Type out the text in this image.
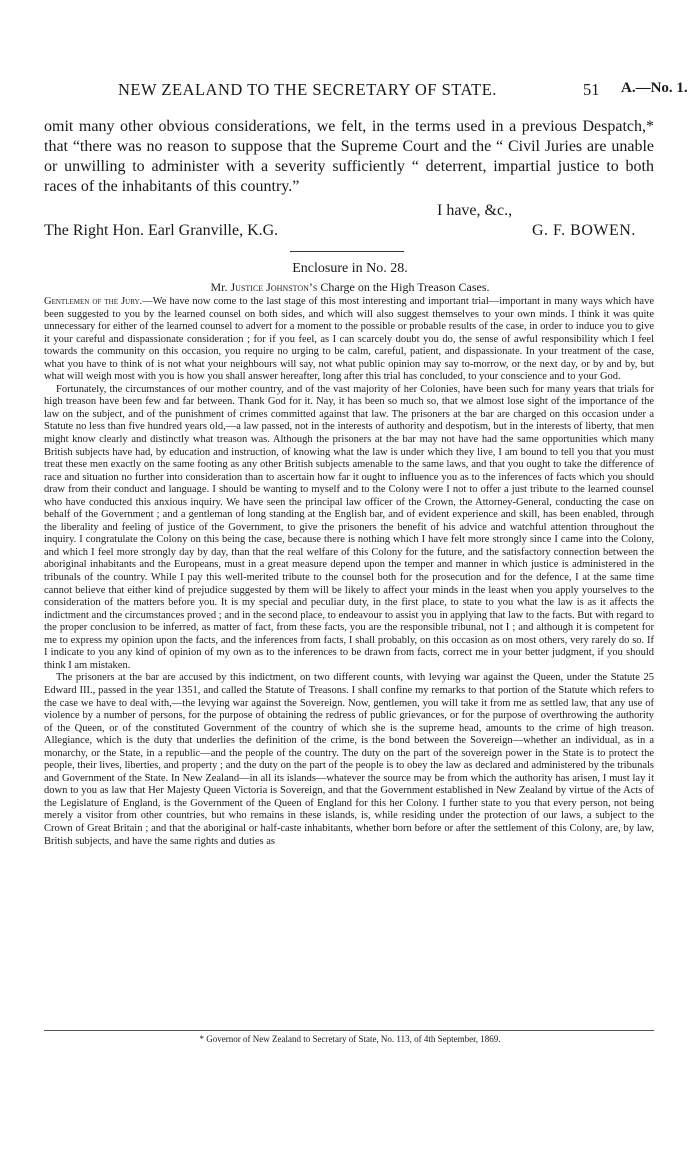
NEW ZEALAND TO THE SECRETARY OF STATE.	51 A.—No. 1.

omit many other obvious considerations, we felt, in the terms used in a previous Despatch,* that “there was no reason to suppose that the Supreme Court and the “ Civil Juries are unable or unwilling to administer with a severity sufficiently “ deterrent, impartial justice to both races of the inhabitants of this country.”

I have, &c.,
The Right Hon. Earl Granville, K.G.	G. F. BOWEN.
Enclosure in No. 28.
Mr. Justice Johnston’s Charge on the High Treason Cases.

Gentlemen of the Jury.—We have now come to the last stage of this most interesting and important trial—important in many ways which have been suggested to you by the learned counsel on both sides, and which will also suggest themselves to your own minds. I think it was quite unnecessary for either of the learned counsel to advert for a moment to the possible or probable results of the case, in order to induce you to give it your careful and dispassionate consideration ; for if you feel, as I can scarcely doubt you do, the sense of awful responsibility which I feel towards the community on this occasion, you require no urging to be calm, careful, patient, and dispassionate. In your treatment of the case, what you have to think of is not what your neighbours will say, not what public opinion may say to-morrow, or the next day, or by and by, but what will weigh most with you is how you shall answer hereafter, long after this trial has concluded, to your conscience and to your God.

Fortunately, the circumstances of our mother country, and of the vast majority of her Colonies, have been such for many years that trials for high treason have been few and far between. Thank God for it. Nay, it has been so much so, that we almost lose sight of the importance of the law on the subject, and of the punishment of crimes committed against that law. The prisoners at the bar are charged on this occasion under a Statute no less than five hundred years old,—a law passed, not in the interests of authority and despotism, but in the interests of liberty, that men might know clearly and distinctly what treason was. Although the prisoners at the bar may not have had the same opportunities which many British subjects have had, by education and instruction, of knowing what the law is under which they live, I am bound to tell you that you must treat these men exactly on the same footing as any other British subjects amenable to the same laws, and that you ought to take the difference of race and situation no further into consideration than to ascertain how far it ought to influence you as to the inferences of facts which you should draw from their conduct and language. I should be wanting to myself and to the Colony were I not to offer a just tribute to the learned counsel who have conducted this anxious inquiry. We have seen the principal law officer of the Crown, the Attorney-General, conducting the case on behalf of the Government ; and a gentleman of long standing at the English bar, and of evident experience and skill, has been enabled, through the liberality and feeling of justice of the Government, to give the prisoners the benefit of his advice and watchful attention throughout the inquiry. I congratulate the Colony on this being the case, because there is nothing which I have felt more strongly since I came into the Colony, and which I feel more strongly day by day, than that the real welfare of this Colony for the future, and the satisfactory connection between the aboriginal inhabitants and the Europeans, must in a great measure depend upon the temper and manner in which justice is administered in the tribunals of the country. While I pay this well-merited tribute to the counsel both for the prosecution and for the defence, I at the same time cannot believe that either kind of prejudice suggested by them will be likely to affect your minds in the least when you apply yourselves to the consideration of the matters before you. It is my special and peculiar duty, in the first place, to state to you what the law is as it affects the indictment and the circumstances proved ; and in the second place, to endeavour to assist you in applying that law to the facts. But with regard to the proper conclusion to be inferred, as matter of fact, from these facts, you are the responsible tribunal, not I ; and although it is competent for me to express my opinion upon the facts, and the inferences from facts, I shall probably, on this occasion as on most others, very rarely do so. If I indicate to you any kind of opinion of my own as to the inferences to be drawn from facts, correct me in your better judgment, if you should think I am mistaken.

The prisoners at the bar are accused by this indictment, on two different counts, with levying war against the Queen, under the Statute 25 Edward III., passed in the year 1351, and called the Statute of Treasons. I shall confine my remarks to that portion of the Statute which refers to the case we have to deal with,—the levying war against the Sovereign. Now, gentlemen, you will take it from me as settled law, that any use of violence by a number of persons, for the purpose of obtaining the redress of public grievances, or for the purpose of overthrowing the authority of the Queen, or of the constituted Government of the country of which she is the supreme head, amounts to the crime of high treason. Allegiance, which is the duty that underlies the definition of the crime, is the bond between the Sovereign—whether an individual, as in a monarchy, or the State, in a republic—and the people of the country. The duty on the part of the sovereign power in the State is to protect the people, their lives, liberties, and property ; and the duty on the part of the people is to obey the law as declared and administered by the tribunals and Government of the State. In New Zealand—in all its islands—whatever the source may be from which the authority has arisen, I must lay it down to you as law that Her Majesty Queen Victoria is Sovereign, and that the Government established in New Zealand by virtue of the Acts of the Legislature of England, is the Government of the Queen of England for this her Colony. I further state to you that every person, not being merely a visitor from other countries, but who remains in these islands, is, while residing under the protection of our laws, a subject to the Crown of Great Britain ; and that the aboriginal or half-caste inhabitants, whether born before or after the settlement of this Colony, are, by law, British subjects, and have the same rights and duties as

* Governor of New Zealand to Secretary of State, No. 113, of 4th September, 1869.
